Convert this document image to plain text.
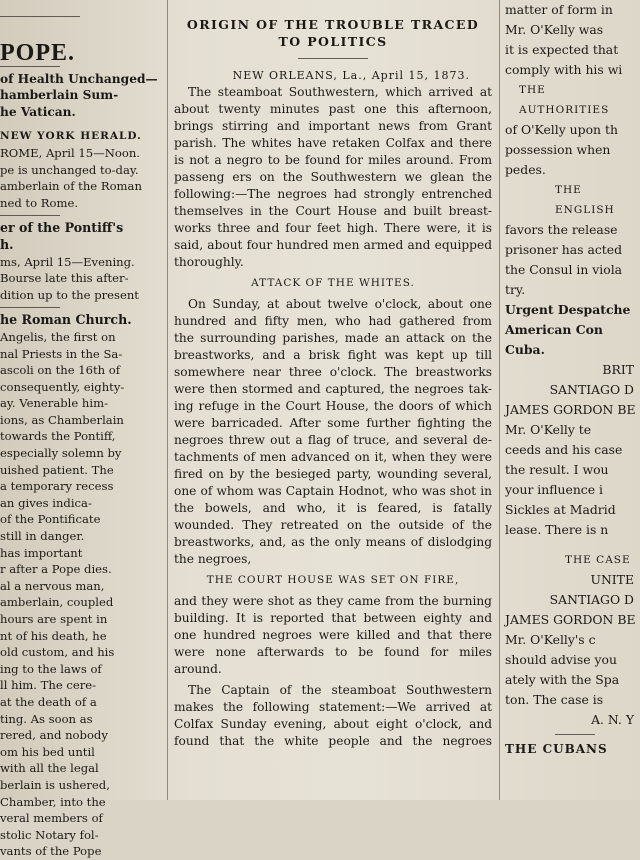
POPE.
of Health Unchanged—
hamberlain Sum-
he Vatican.
NEW YORK HERALD.
ROME, April 15—Noon.
pe is unchanged to-day.
amberlain of the Roman
ned to Rome.
er of the Pontiff's
h.
ms, April 15—Evening.
Bourse late this after-
dition up to the present
he Roman Church.
Angelis, the first on
nal Priests in the Sa-
ascoli on the 16th of
consequently, eighty-
ay. Venerable him-
ions, as Chamberlain
towards the Pontiff,
especially solemn by
uished patient. The
a temporary recess
an gives indica-
of the Pontificate
still in danger.
has important
r after a Pope dies.
al a nervous man,
amberlain, coupled
hours are spent in
nt of his death, he
old custom, and his
ing to the laws of
ll him. The cere-
at the death of a
ting. As soon as
rered, and nobody
om his bed until
with all the legal
berlain is ushered,
Chamber, into the
veral members of
stolic Notary fol-
vants of the Pope
ORIGIN OF THE TROUBLE TRACED TO POLITICS
NEW ORLEANS, La., April 15, 1873.
The steamboat Southwestern, which arrived at
about twenty minutes past one this afternoon,
brings stirring and important news from Grant
parish. The whites have retaken Colfax and there
is not a negro to be found for miles around. From
passeng ers on the Southwestern we glean the
following:—The negroes had strongly entrenched
themselves in the Court House and built breast-
works three and four feet high. There were, it is
said, about four hundred men armed and equipped
thoroughly.
ATTACK OF THE WHITES.
On Sunday, at about twelve o'clock, about one
hundred and fifty men, who had gathered from
the surrounding parishes, made an attack on the
breastworks, and a brisk fight was kept up till
somewhere near three o'clock. The breastworks
were then stormed and captured, the negroes tak-
ing refuge in the Court House, the doors of which
were barricaded. After some further fighting the
negroes threw out a flag of truce, and several de-
tachments of men advanced on it, when they were
fired on by the besieged party, wounding several,
one of whom was Captain Hodnot, who was shot in
the bowels, and who, it is feared, is fatally
wounded. They retreated on the outside of the
breastworks, and, as the only means of dislodging
the negroes,
THE COURT HOUSE WAS SET ON FIRE,
and they were shot as they came from the burning
building. It is reported that between eighty and
one hundred negroes were killed and that there
were none afterwards to be found for miles
around.
The Captain of the steamboat Southwestern
makes the following statement:—We arrived at
Colfax Sunday evening, about eight o'clock, and
found that the white people and the negroes
matter of form in
Mr. O'Kelly was
it is expected that
comply with his wi
THE AUTHORITIES
of O'Kelly upon th
possession when
pedes.
THE ENGLISH
favors the release
prisoner has acted
the Consul in viola
try.
Urgent Despatche
American Con
Cuba.
BRIT
SANTIAGO D
JAMES GORDON BE
Mr. O'Kelly te
ceeds and his case
the result. I wou
your influence i
Sickles at Madrid
lease. There is n
THE CASE
UNITE
SANTIAGO D
JAMES GORDON BE
Mr. O'Kelly's c
should advise you
ately with the Spa
ton. The case is
A. N. Y
THE CUBANS
